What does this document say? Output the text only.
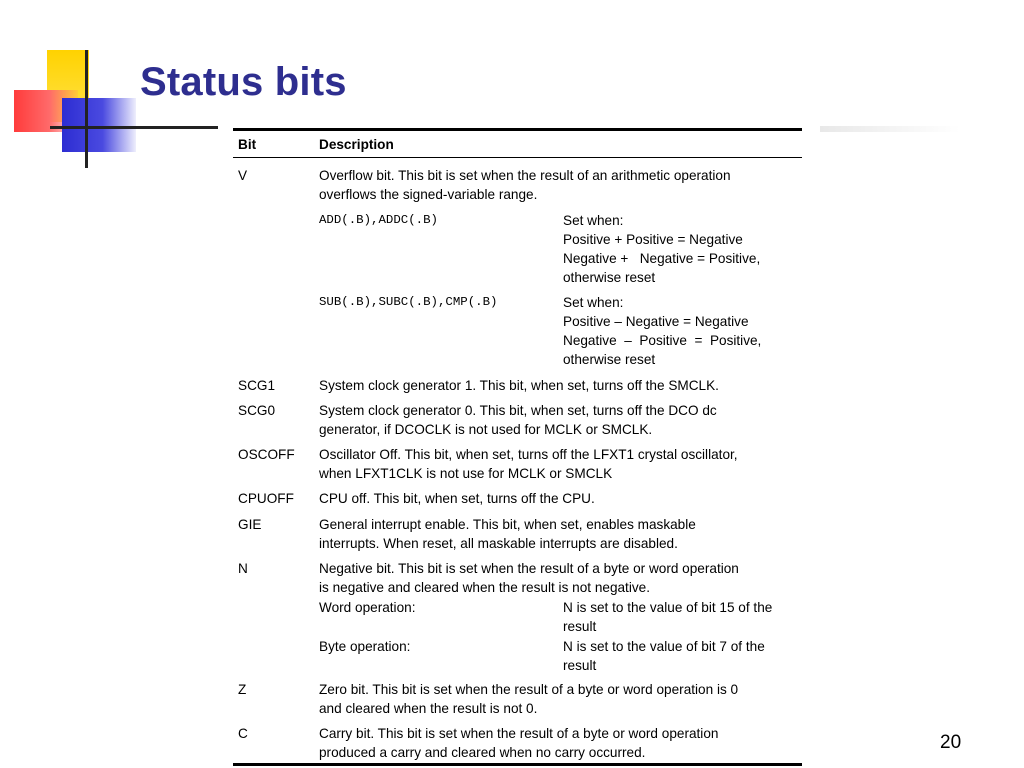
Status bits
Bit	Description
V	Overflow bit. This bit is set when the result of an arithmetic operation
overflows the signed-variable range.
ADD(.B),ADDC(.B)	Set when:
Positive + Positive = Negative
Negative +   Negative = Positive,
otherwise reset
SUB(.B),SUBC(.B),CMP(.B)	Set when:
Positive – Negative = Negative
Negative  –  Positive  =  Positive,
otherwise reset
SCG1	System clock generator 1. This bit, when set, turns off the SMCLK.
SCG0	System clock generator 0. This bit, when set, turns off the DCO dc
generator, if DCOCLK is not used for MCLK or SMCLK.
OSCOFF	Oscillator Off. This bit, when set, turns off the LFXT1 crystal oscillator,
when LFXT1CLK is not use for MCLK or SMCLK
CPUOFF	CPU off. This bit, when set, turns off the CPU.
GIE	General interrupt enable. This bit, when set, enables maskable
interrupts. When reset, all maskable interrupts are disabled.
N	Negative bit. This bit is set when the result of a byte or word operation
is negative and cleared when the result is not negative.
Word operation:	N is set to the value of bit 15 of the
result
Byte operation:	N is set to the value of bit 7 of the
result
Z	Zero bit. This bit is set when the result of a byte or word operation is 0
and cleared when the result is not 0.
C	Carry bit. This bit is set when the result of a byte or word operation
produced a carry and cleared when no carry occurred.	20
